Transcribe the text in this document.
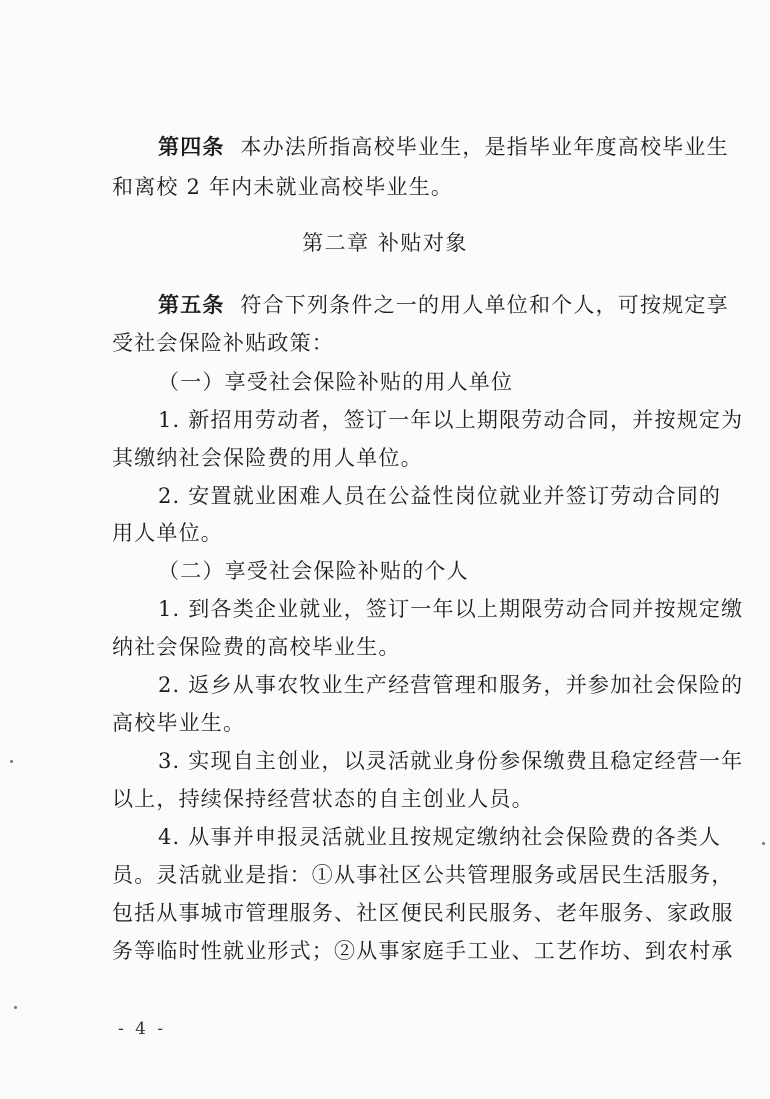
第四条 本办法所指高校毕业生，是指毕业年度高校毕业生
和离校 2 年内未就业高校毕业生。
第二章 补贴对象
第五条 符合下列条件之一的用人单位和个人，可按规定享
受社会保险补贴政策：
（一）享受社会保险补贴的用人单位
1. 新招用劳动者，签订一年以上期限劳动合同，并按规定为
其缴纳社会保险费的用人单位。
2. 安置就业困难人员在公益性岗位就业并签订劳动合同的
用人单位。
（二）享受社会保险补贴的个人
1. 到各类企业就业，签订一年以上期限劳动合同并按规定缴
纳社会保险费的高校毕业生。
2. 返乡从事农牧业生产经营管理和服务，并参加社会保险的
高校毕业生。
3. 实现自主创业，以灵活就业身份参保缴费且稳定经营一年
以上，持续保持经营状态的自主创业人员。
4. 从事并申报灵活就业且按规定缴纳社会保险费的各类人
员。灵活就业是指：①从事社区公共管理服务或居民生活服务，
包括从事城市管理服务、社区便民利民服务、老年服务、家政服
务等临时性就业形式；②从事家庭手工业、工艺作坊、到农村承
- 4 -
